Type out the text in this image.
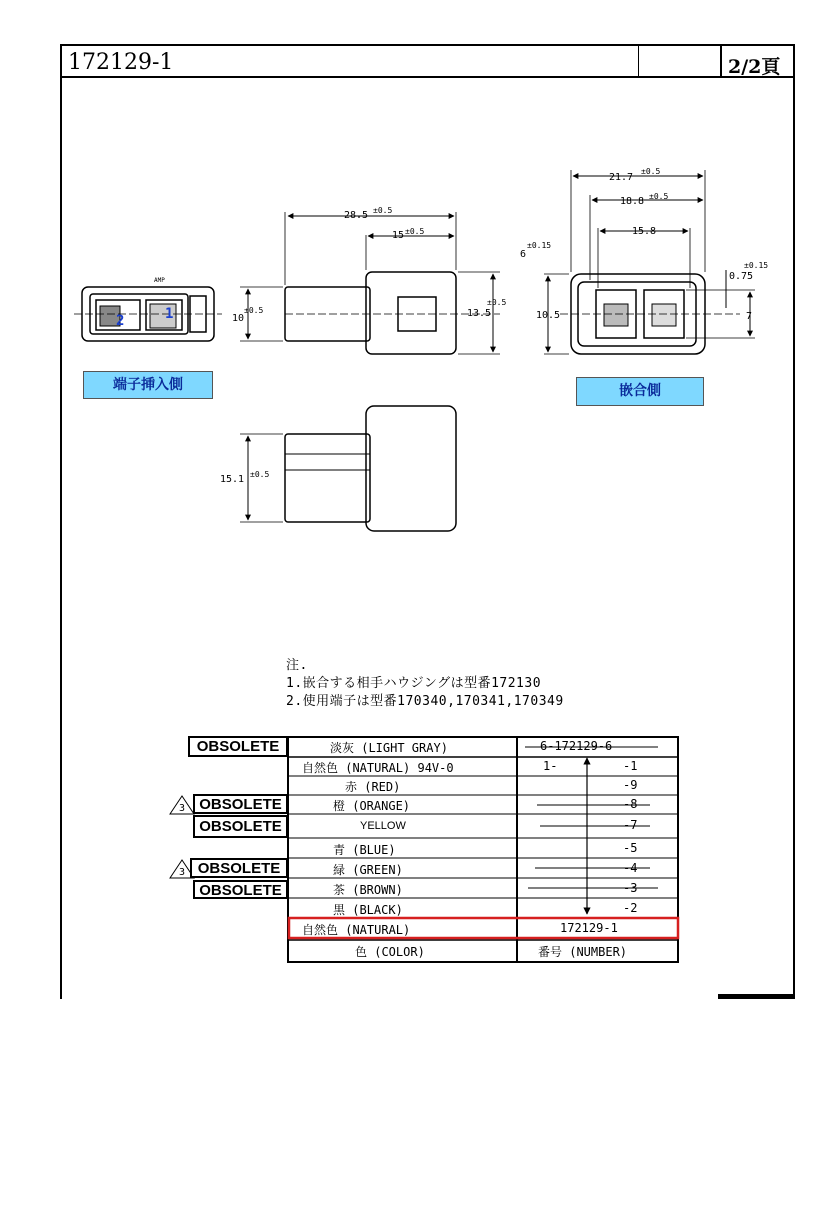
172129-1	2/2頁
AMP
2	1
28.5 ±0.5
15 ±0.5
10
±0.5	13.5
±0.5
15.1 ±0.5
21.7
±0.5
18.8 ±0.5
15.8
6
±0.15
10.5	7
0.75
±0.15
端子挿入側	嵌合側
注.
1.嵌合する相手ハウジングは型番172130
2.使用端子は型番170340,170341,170349
3
3
OBSOLETE
OBSOLETE
OBSOLETE
OBSOLETE
OBSOLETE
淡灰 (LIGHT GRAY)	6-172129-6
自然色 (NATURAL) 94V-0	1-	-1
赤 (RED)	-9
橙 (ORANGE)	-8
YELLOW	-7
青 (BLUE)	-5
緑 (GREEN)	-4
茶 (BROWN)	-3
黒 (BLACK)	-2
自然色 (NATURAL)	172129-1
色 (COLOR)	番号 (NUMBER)
